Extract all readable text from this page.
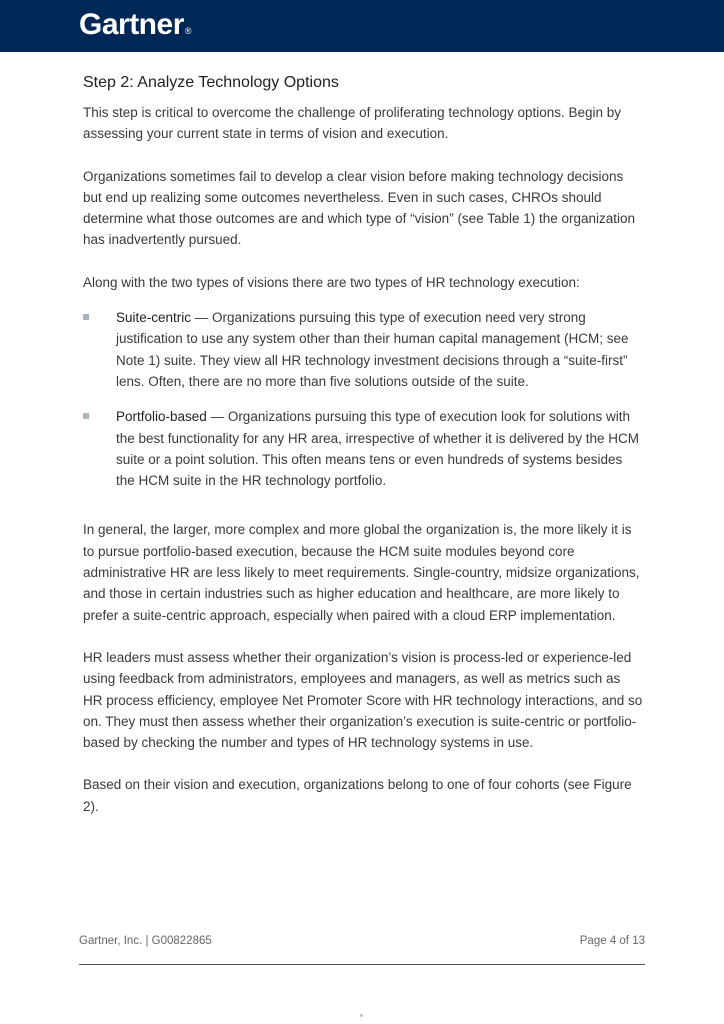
Gartner®
Step 2: Analyze Technology Options

This step is critical to overcome the challenge of proliferating technology options. Begin by assessing your current state in terms of vision and execution.

Organizations sometimes fail to develop a clear vision before making technology decisions but end up realizing some outcomes nevertheless. Even in such cases, CHROs should determine what those outcomes are and which type of “vision” (see Table 1) the organization has inadvertently pursued.

Along with the two types of visions there are two types of HR technology execution:

Suite-centric — Organizations pursuing this type of execution need very strong justification to use any system other than their human capital management (HCM; see Note 1) suite. They view all HR technology investment decisions through a “suite-first” lens. Often, there are no more than five solutions outside of the suite.
Portfolio-based — Organizations pursuing this type of execution look for solutions with the best functionality for any HR area, irrespective of whether it is delivered by the HCM suite or a point solution. This often means tens or even hundreds of systems besides the HCM suite in the HR technology portfolio.

In general, the larger, more complex and more global the organization is, the more likely it is to pursue portfolio-based execution, because the HCM suite modules beyond core administrative HR are less likely to meet requirements. Single-country, midsize organizations, and those in certain industries such as higher education and healthcare, are more likely to prefer a suite-centric approach, especially when paired with a cloud ERP implementation.

HR leaders must assess whether their organization’s vision is process-led or experience-led using feedback from administrators, employees and managers, as well as metrics such as HR process efficiency, employee Net Promoter Score with HR technology interactions, and so on. They must then assess whether their organization’s execution is suite-centric or portfolio-based by checking the number and types of HR technology systems in use.

Based on their vision and execution, organizations belong to one of four cohorts (see Figure 2).

Gartner, Inc. | G00822865	Page 4 of 13
